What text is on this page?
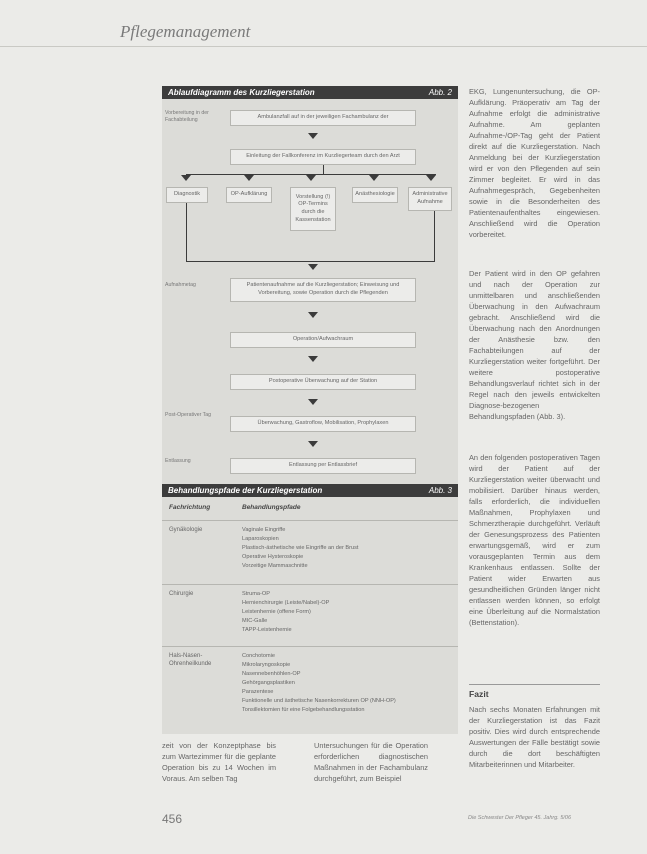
Pflegemanagement
Ablaufdiagramm des Kurzliegerstation	Abb. 2
Vorbereitung in der Fachabteilung
Aufnahmetag
Post-Operativer Tag
Entlassung
Ambulanzfall auf in der jeweiligen Fachambulanz der
Einleitung der Fallkonferenz im Kurzliegerteam durch den Arzt
Diagnostik	OP-Aufklärung	Vorstellung (!) OP-Termins durch die Kassenstation
Anästhesiologie	Administrative Aufnahme
Patientenaufnahme auf die Kurzliegerstation; Einweisung und Vorbereitung, sowie Operation durch die Pflegenden
Operation/Aufwachraum
Postoperative Überwachung auf der Station
Überwachung, Gastroflow, Mobilisation, Prophylaxen
Entlassung per Entlassbrief
Behandlungspfade der Kurzliegerstation	Abb. 3
Fachrichtung	Behandlungspfade
Gynäkologie	Vaginale Eingriffe
Laparoskopien
Plastisch-ästhetische wie Eingriffe an der Brust
Operative Hysteroskopie
Vorzeitige Mammaschnitte
Chirurgie	Struma-OP
Hernienchirurgie (Leiste/Nabel)-OP
Leistenhernie (offene Form)
MIC-Galle
TAPP-Leistenhernie
Hals-Nasen-Ohrenheilkunde
Conchotomie
Mikrolaryngoskopie
Nasennebenhöhlen-OP
Gehörgangsplastiken
Parazentese
Funktionelle und ästhetische Nasenkorrekturen OP (NNH-OP)
Tonsillektomien für eine Folgebehandlungsstation
EKG, Lungenuntersuchung, die OP-Aufklärung. Präoperativ am Tag der Aufnahme erfolgt die administrative Aufnahme. Am geplanten Aufnahme-/OP-Tag geht der Patient direkt auf die Kurzliegerstation. Nach Anmeldung bei der Kurzliegerstation wird er von den Pflegenden auf sein Zimmer begleitet. Er wird in das Aufnahmegespräch, Gegebenheiten sowie in die Besonderheiten des Patientenaufenthaltes eingewiesen. Anschließend wird die Operation vorbereitet.
Der Patient wird in den OP gefahren und nach der Operation zur unmittelbaren und anschließenden Überwachung in den Aufwachraum gebracht. Anschließend wird die Überwachung nach den Anordnungen der Anästhesie bzw. den Fachabteilungen auf der Kurzliegerstation weiter fortgeführt. Der weitere postoperative Behandlungsverlauf richtet sich in der Regel nach den jeweils entwickelten Diagnose-bezogenen Behandlungspfaden (Abb. 3).
An den folgenden postoperativen Tagen wird der Patient auf der Kurzliegerstation weiter überwacht und mobilisiert. Darüber hinaus werden, falls erforderlich, die individuellen Maßnahmen, Prophylaxen und Schmerztherapie durchgeführt. Verläuft der Genesungsprozess des Patienten erwartungsgemäß, wird er zum vorausgeplanten Termin aus dem Krankenhaus entlassen. Sollte der Patient wider Erwarten aus gesundheitlichen Gründen länger nicht entlassen werden können, so erfolgt eine Überleitung auf die Normalstation (Bettenstation).
Fazit
Nach sechs Monaten Erfahrungen mit der Kurzliegerstation ist das Fazit positiv. Dies wird durch entsprechende Auswertungen der Fälle bestätigt sowie durch die dort beschäftigten Mitarbeiterinnen und Mitarbeiter.
zeit von der Konzeptphase bis zum Wartezimmer für die geplante Operation bis zu 14 Wochen im Voraus. Am selben Tag
Untersuchungen für die Operation erforderlichen diagnostischen Maßnahmen in der Fachambulanz durchgeführt, zum Beispiel
456	Die Schwester Der Pfleger 45. Jahrg. 5/06
